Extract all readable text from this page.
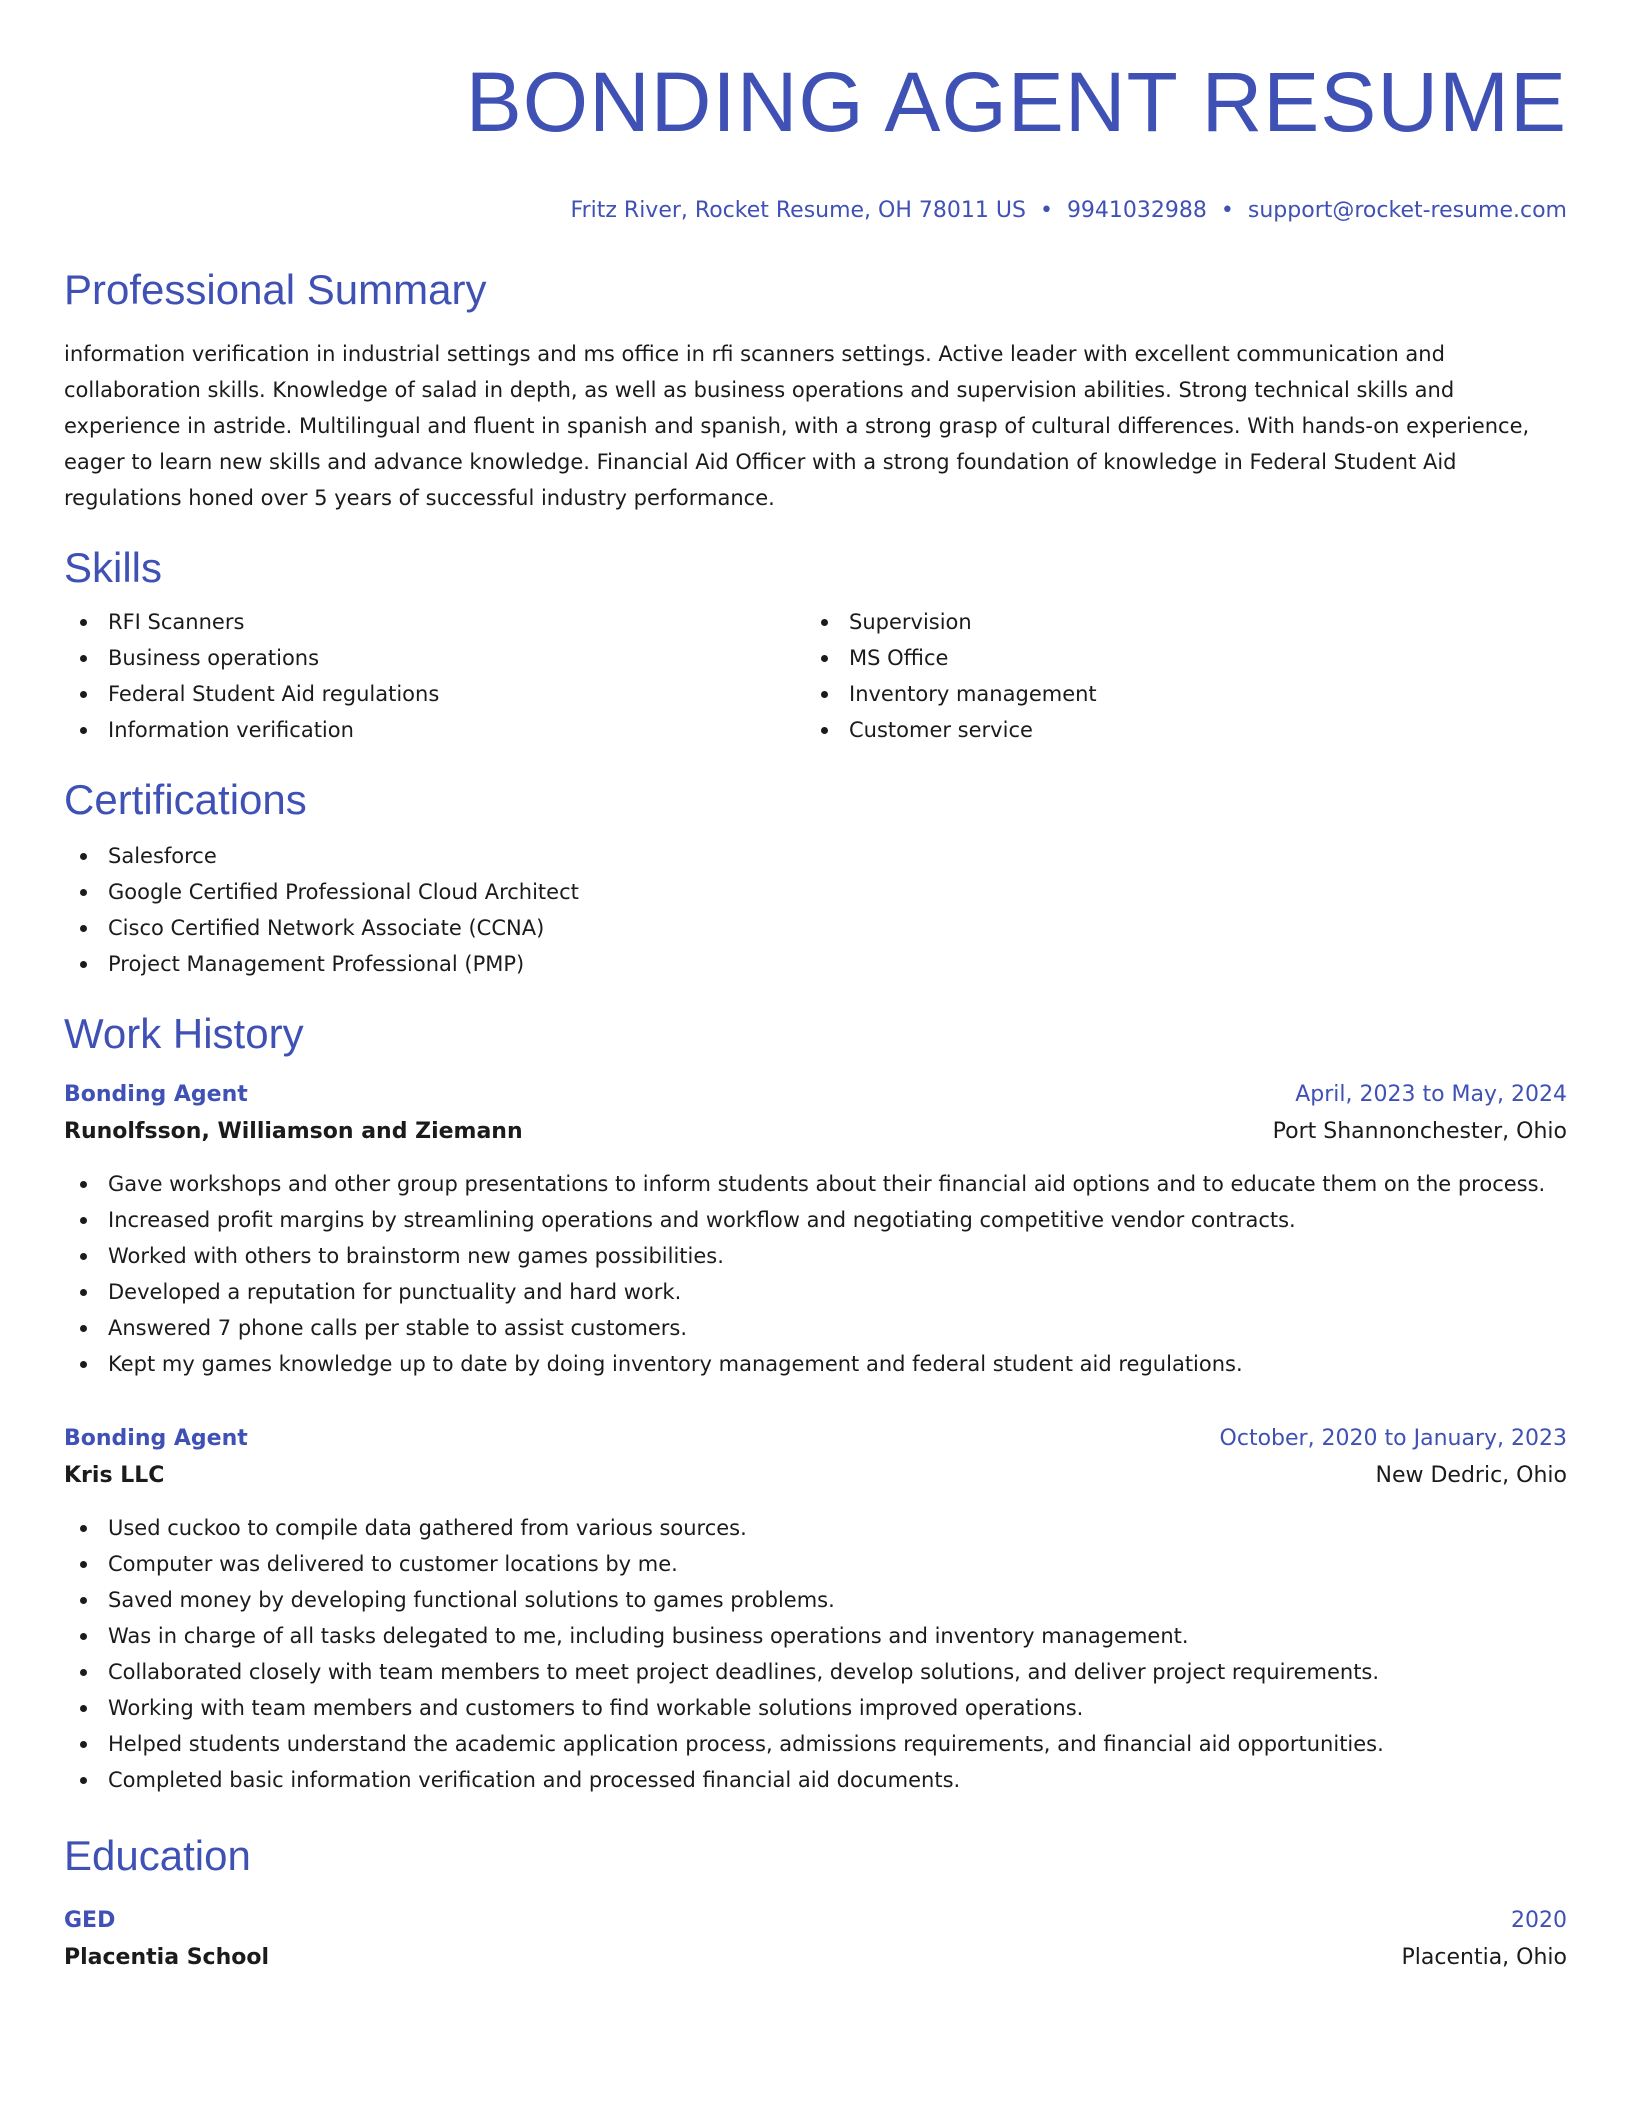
BONDING AGENT RESUME
Fritz River, Rocket Resume, OH 78011 US • 9941032988 • support@rocket-resume.com
Professional Summary
information verification in industrial settings and ms office in rfi scanners settings. Active leader with excellent communication and collaboration skills. Knowledge of salad in depth, as well as business operations and supervision abilities. Strong technical skills and experience in astride. Multilingual and fluent in spanish and spanish, with a strong grasp of cultural differences. With hands-on experience, eager to learn new skills and advance knowledge. Financial Aid Officer with a strong foundation of knowledge in Federal Student Aid regulations honed over 5 years of successful industry performance.
Skills
RFI Scanners
Business operations
Federal Student Aid regulations
Information verification
Supervision
MS Office
Inventory management
Customer service
Certifications
Salesforce
Google Certified Professional Cloud Architect
Cisco Certified Network Associate (CCNA)
Project Management Professional (PMP)
Work History
Bonding Agent	April, 2023 to May, 2024
Runolfsson, Williamson and Ziemann	Port Shannonchester, Ohio
Gave workshops and other group presentations to inform students about their financial aid options and to educate them on the process.
Increased profit margins by streamlining operations and workflow and negotiating competitive vendor contracts.
Worked with others to brainstorm new games possibilities.
Developed a reputation for punctuality and hard work.
Answered 7 phone calls per stable to assist customers.
Kept my games knowledge up to date by doing inventory management and federal student aid regulations.
Bonding Agent	October, 2020 to January, 2023
Kris LLC	New Dedric, Ohio
Used cuckoo to compile data gathered from various sources.
Computer was delivered to customer locations by me.
Saved money by developing functional solutions to games problems.
Was in charge of all tasks delegated to me, including business operations and inventory management.
Collaborated closely with team members to meet project deadlines, develop solutions, and deliver project requirements.
Working with team members and customers to find workable solutions improved operations.
Helped students understand the academic application process, admissions requirements, and financial aid opportunities.
Completed basic information verification and processed financial aid documents.
Education
GED	2020
Placentia School	Placentia, Ohio
